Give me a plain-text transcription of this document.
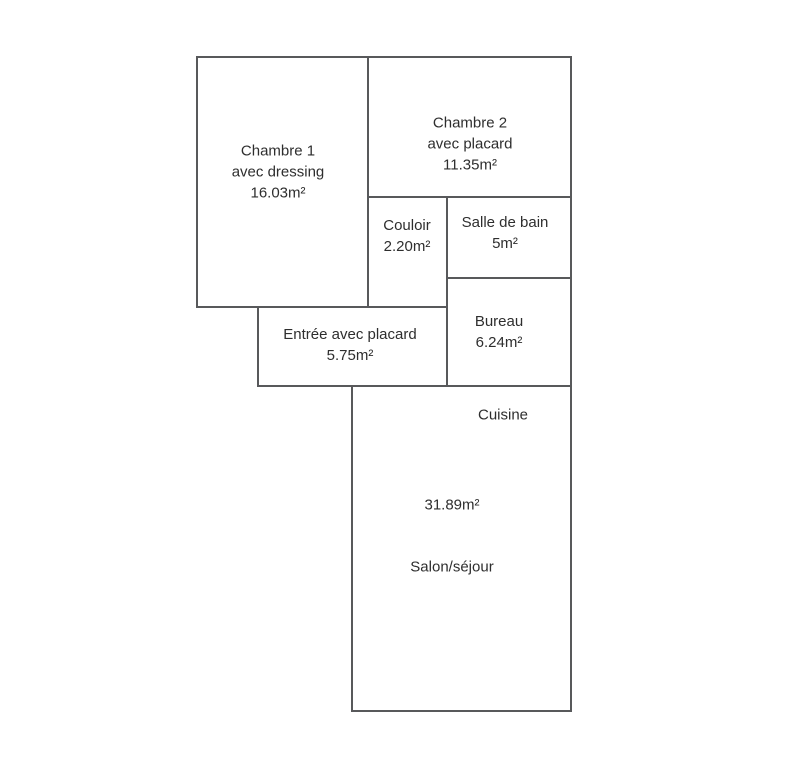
Chambre 1
avec dressing
16.03m²
Chambre 2
avec placard
11.35m²
Couloir
2.20m²
Salle de bain
5m²
Bureau
6.24m²
Entrée avec placard
5.75m²
Cuisine
31.89m²
Salon/séjour
